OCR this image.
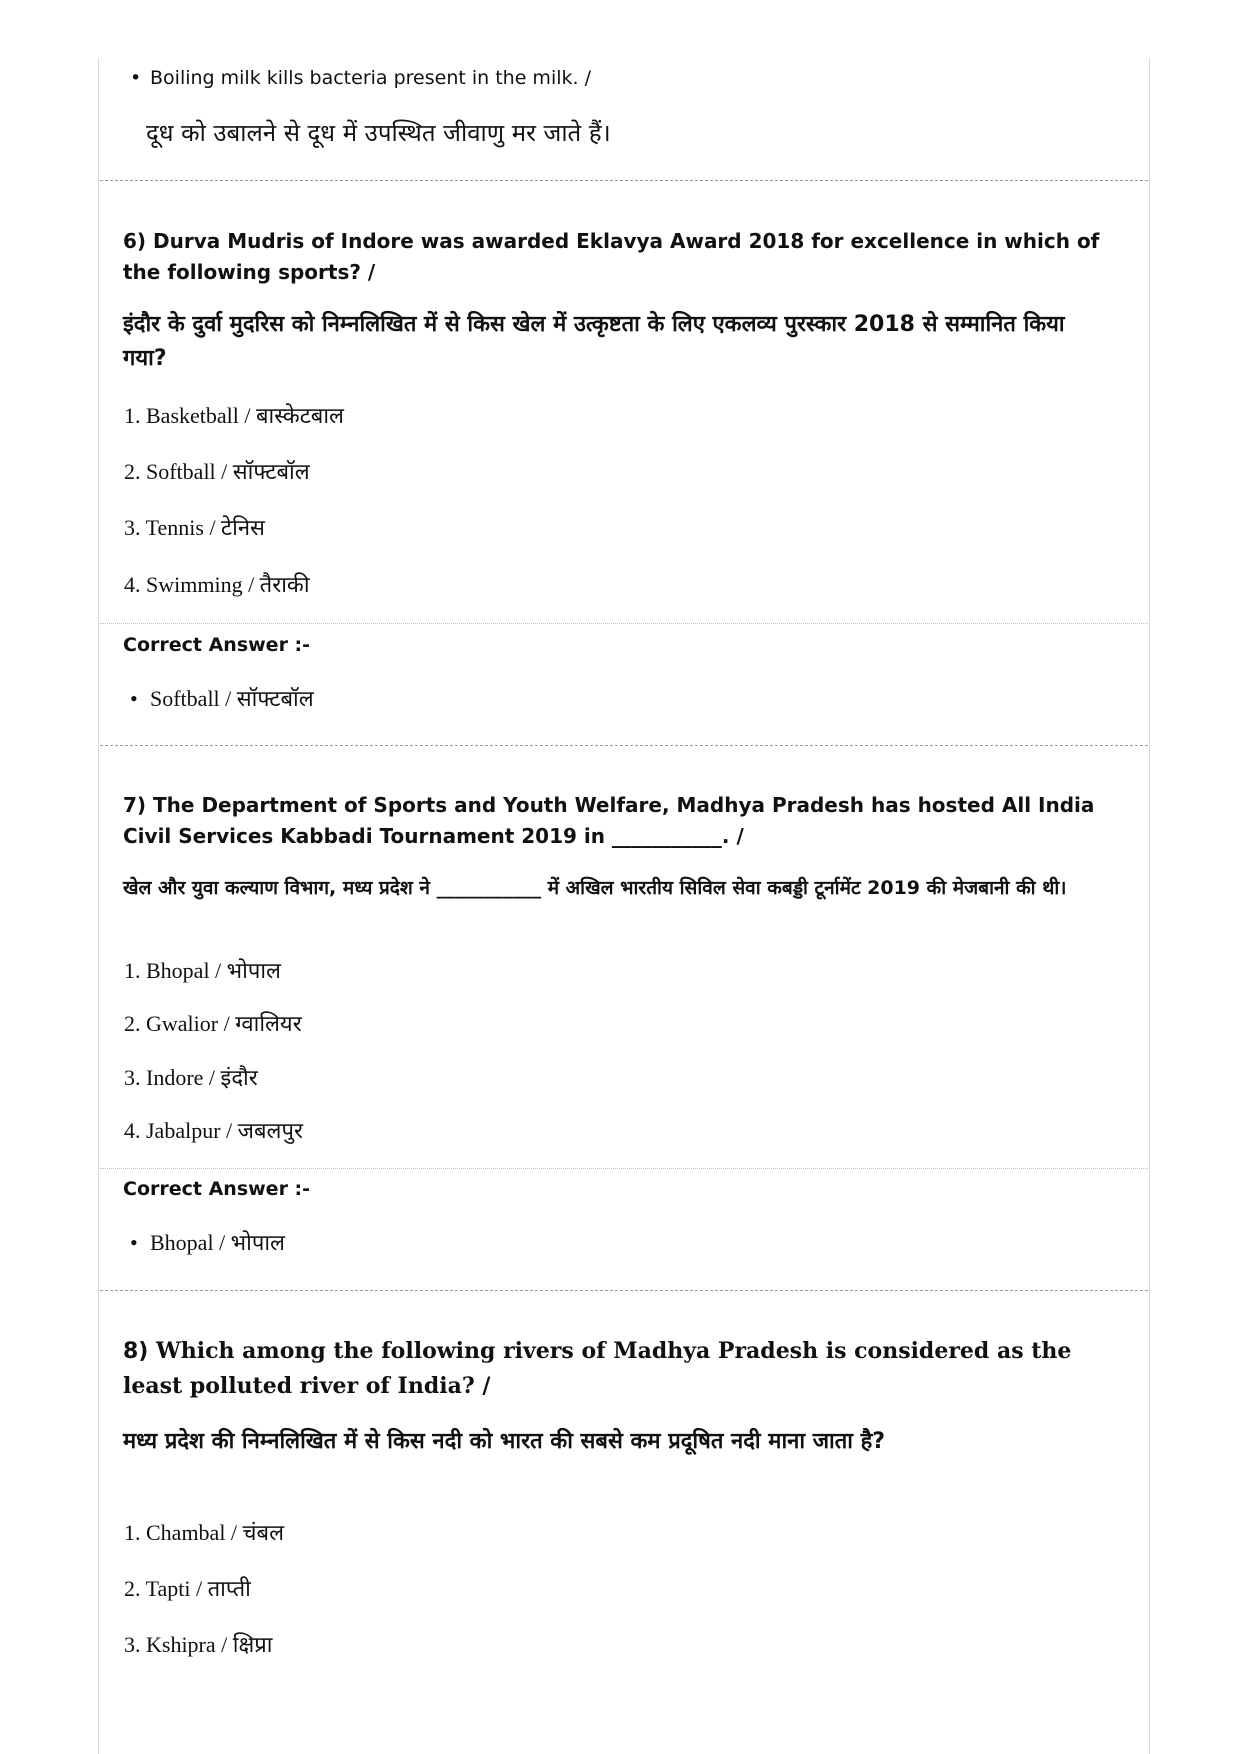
• Boiling milk kills bacteria present in the milk. /
दूध को उबालने से दूध में उपस्थित जीवाणु मर जाते हैं।
6) Durva Mudris of Indore was awarded Eklavya Award 2018 for excellence in which of the following sports? /
इंदौर के दुर्वा मुदरिस को निम्नलिखित में से किस खेल में उत्कृष्टता के लिए एकलव्य पुरस्कार 2018 से सम्मानित किया गया?
1. Basketball / बास्केटबाल
2. Softball / सॉफ्टबॉल
3. Tennis / टेनिस
4. Swimming / तैराकी
Correct Answer :-
• Softball / सॉफ्टबॉल
7) The Department of Sports and Youth Welfare, Madhya Pradesh has hosted All India Civil Services Kabbadi Tournament 2019 in ___________. /
खेल और युवा कल्याण विभाग, मध्य प्रदेश ने ___________ में अखिल भारतीय सिविल सेवा कबड्डी टूर्नामेंट 2019 की मेजबानी की थी।
1. Bhopal / भोपाल
2. Gwalior / ग्वालियर
3. Indore / इंदौर
4. Jabalpur / जबलपुर
Correct Answer :-
• Bhopal / भोपाल
8) Which among the following rivers of Madhya Pradesh is considered as the least polluted river of India? /
मध्य प्रदेश की निम्नलिखित में से किस नदी को भारत की सबसे कम प्रदूषित नदी माना जाता है?
1. Chambal / चंबल
2. Tapti / ताप्ती
3. Kshipra / क्षिप्रा
